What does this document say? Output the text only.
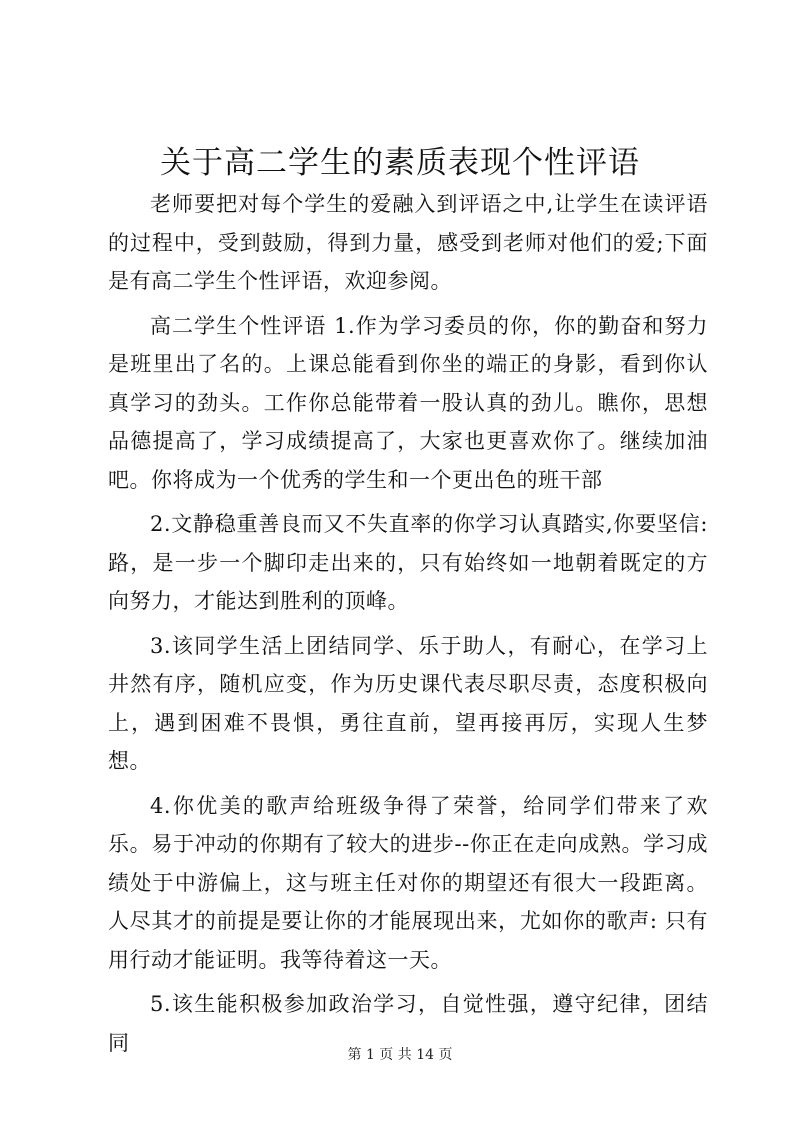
关于高二学生的素质表现个性评语

老师要把对每个学生的爱融入到评语之中,让学生在读评语的过程中，受到鼓励，得到力量，感受到老师对他们的爱;下面是有高二学生个性评语，欢迎参阅。

高二学生个性评语 1.作为学习委员的你，你的勤奋和努力是班里出了名的。上课总能看到你坐的端正的身影，看到你认真学习的劲头。工作你总能带着一股认真的劲儿。瞧你，思想品德提高了，学习成绩提高了，大家也更喜欢你了。继续加油吧。你将成为一个优秀的学生和一个更出色的班干部

2.文静稳重善良而又不失直率的你学习认真踏实,你要坚信:路，是一步一个脚印走出来的，只有始终如一地朝着既定的方向努力，才能达到胜利的顶峰。

3.该同学生活上团结同学、乐于助人，有耐心，在学习上井然有序，随机应变，作为历史课代表尽职尽责，态度积极向上，遇到困难不畏惧，勇往直前，望再接再厉，实现人生梦想。

4.你优美的歌声给班级争得了荣誉，给同学们带来了欢乐。易于冲动的你期有了较大的进步--你正在走向成熟。学习成绩处于中游偏上，这与班主任对你的期望还有很大一段距离。人尽其才的前提是要让你的才能展现出来，尤如你的歌声: 只有用行动才能证明。我等待着这一天。

5.该生能积极参加政治学习，自觉性强，遵守纪律，团结同

第 1 页 共 14 页
